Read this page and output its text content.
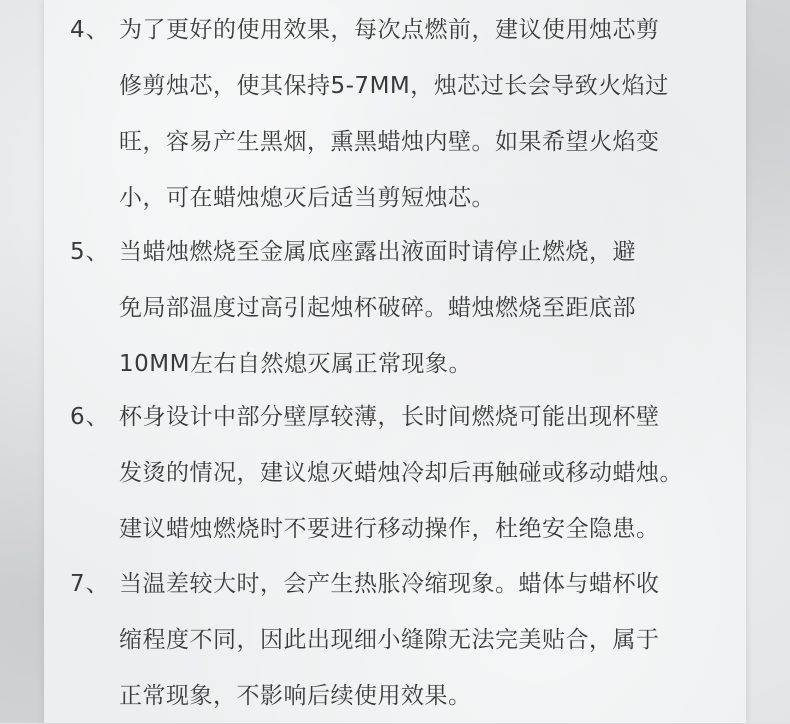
4、 为了更好的使用效果，每次点燃前，建议使用烛芯剪
修剪烛芯，使其保持5-7MM，烛芯过长会导致火焰过
旺，容易产生黑烟，熏黑蜡烛内壁。如果希望火焰变
小，可在蜡烛熄灭后适当剪短烛芯。
5、 当蜡烛燃烧至金属底座露出液面时请停止燃烧，避
免局部温度过高引起烛杯破碎。蜡烛燃烧至距底部
10MM左右自然熄灭属正常现象。
6、 杯身设计中部分壁厚较薄，长时间燃烧可能出现杯壁
发烫的情况，建议熄灭蜡烛冷却后再触碰或移动蜡烛。
建议蜡烛燃烧时不要进行移动操作，杜绝安全隐患。
7、 当温差较大时，会产生热胀冷缩现象。蜡体与蜡杯收
缩程度不同，因此出现细小缝隙无法完美贴合，属于
正常现象，不影响后续使用效果。
